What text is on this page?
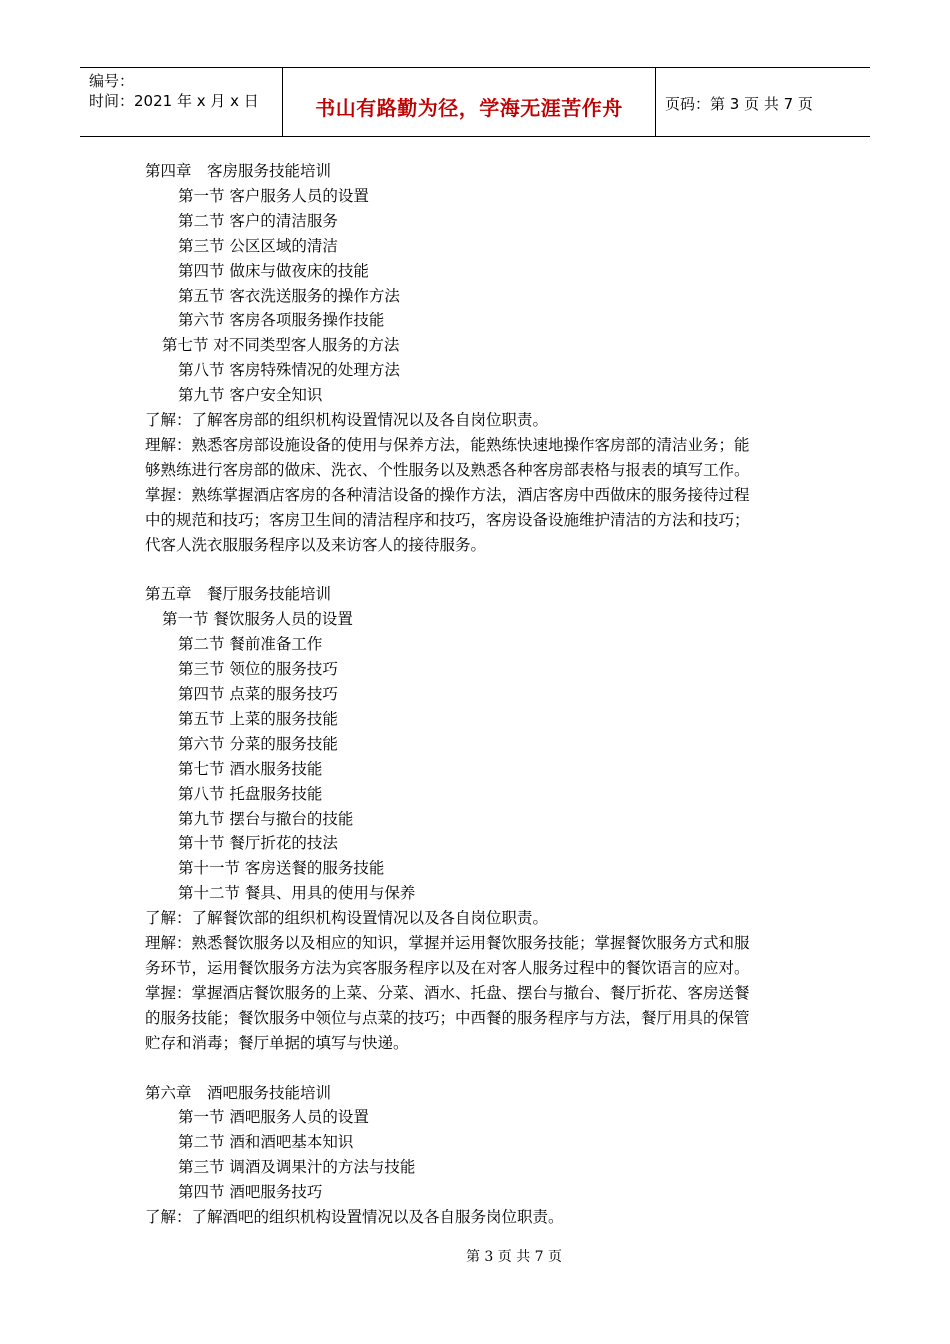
编号：
时间：2021 年 x 月 x 日	书山有路勤为径，学海无涯苦作舟	页码：第 3 页 共 7 页
第四章　客房服务技能培训
第一节 客户服务人员的设置
第二节 客户的清洁服务
第三节 公区区域的清洁
第四节 做床与做夜床的技能
第五节 客衣洗送服务的操作方法
第六节 客房各项服务操作技能
第七节 对不同类型客人服务的方法
第八节 客房特殊情况的处理方法
第九节 客户安全知识
了解：了解客房部的组织机构设置情况以及各自岗位职责。
理解：熟悉客房部设施设备的使用与保养方法，能熟练快速地操作客房部的清洁业务；能
够熟练进行客房部的做床、洗衣、个性服务以及熟悉各种客房部表格与报表的填写工作。
掌握：熟练掌握酒店客房的各种清洁设备的操作方法，酒店客房中西做床的服务接待过程
中的规范和技巧；客房卫生间的清洁程序和技巧，客房设备设施维护清洁的方法和技巧；
代客人洗衣服服务程序以及来访客人的接待服务。
第五章　餐厅服务技能培训
第一节 餐饮服务人员的设置
第二节 餐前准备工作
第三节 领位的服务技巧
第四节 点菜的服务技巧
第五节 上菜的服务技能
第六节 分菜的服务技能
第七节 酒水服务技能
第八节 托盘服务技能
第九节 摆台与撤台的技能
第十节 餐厅折花的技法
第十一节 客房送餐的服务技能
第十二节 餐具、用具的使用与保养
了解：了解餐饮部的组织机构设置情况以及各自岗位职责。
理解：熟悉餐饮服务以及相应的知识，掌握并运用餐饮服务技能；掌握餐饮服务方式和服
务环节，运用餐饮服务方法为宾客服务程序以及在对客人服务过程中的餐饮语言的应对。
掌握：掌握酒店餐饮服务的上菜、分菜、酒水、托盘、摆台与撤台、餐厅折花、客房送餐
的服务技能；餐饮服务中领位与点菜的技巧；中西餐的服务程序与方法，餐厅用具的保管
贮存和消毒；餐厅单据的填写与快递。
第六章　酒吧服务技能培训
第一节 酒吧服务人员的设置
第二节 酒和酒吧基本知识
第三节 调酒及调果汁的方法与技能
第四节 酒吧服务技巧
了解：了解酒吧的组织机构设置情况以及各自服务岗位职责。
第 3 页 共 7 页
